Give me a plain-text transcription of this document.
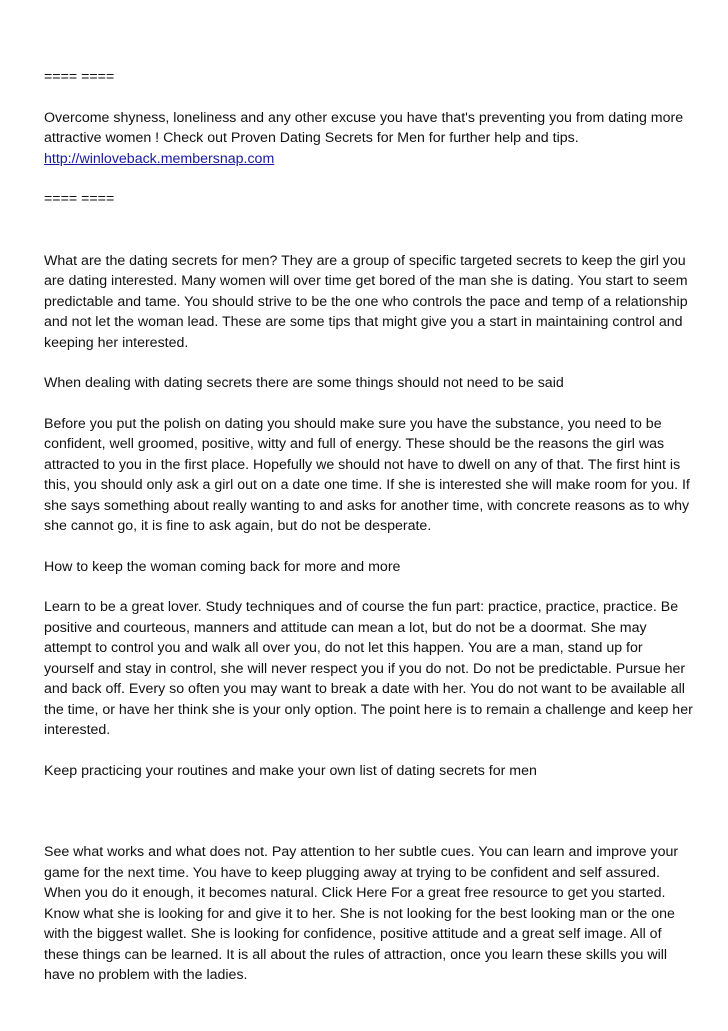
==== ====

Overcome shyness, loneliness and any other excuse you have that's preventing you from dating more attractive women ! Check out Proven Dating Secrets for Men for further help and tips.

http://winloveback.membersnap.com

==== ====

What are the dating secrets for men? They are a group of specific targeted secrets to keep the girl you are dating interested. Many women will over time get bored of the man she is dating. You start to seem predictable and tame. You should strive to be the one who controls the pace and temp of a relationship and not let the woman lead. These are some tips that might give you a start in maintaining control and keeping her interested.

When dealing with dating secrets there are some things should not need to be said

Before you put the polish on dating you should make sure you have the substance, you need to be confident, well groomed, positive, witty and full of energy. These should be the reasons the girl was attracted to you in the first place. Hopefully we should not have to dwell on any of that. The first hint is this, you should only ask a girl out on a date one time. If she is interested she will make room for you. If she says something about really wanting to and asks for another time, with concrete reasons as to why she cannot go, it is fine to ask again, but do not be desperate.

How to keep the woman coming back for more and more

Learn to be a great lover. Study techniques and of course the fun part: practice, practice, practice. Be positive and courteous, manners and attitude can mean a lot, but do not be a doormat. She may attempt to control you and walk all over you, do not let this happen. You are a man, stand up for yourself and stay in control, she will never respect you if you do not. Do not be predictable. Pursue her and back off. Every so often you may want to break a date with her. You do not want to be available all the time, or have her think she is your only option. The point here is to remain a challenge and keep her interested.

Keep practicing your routines and make your own list of dating secrets for men

See what works and what does not. Pay attention to her subtle cues. You can learn and improve your game for the next time. You have to keep plugging away at trying to be confident and self assured. When you do it enough, it becomes natural. Click Here For a great free resource to get you started. Know what she is looking for and give it to her. She is not looking for the best looking man or the one with the biggest wallet. She is looking for confidence, positive attitude and a great self image. All of these things can be learned. It is all about the rules of attraction, once you learn these skills you will have no problem with the ladies.
